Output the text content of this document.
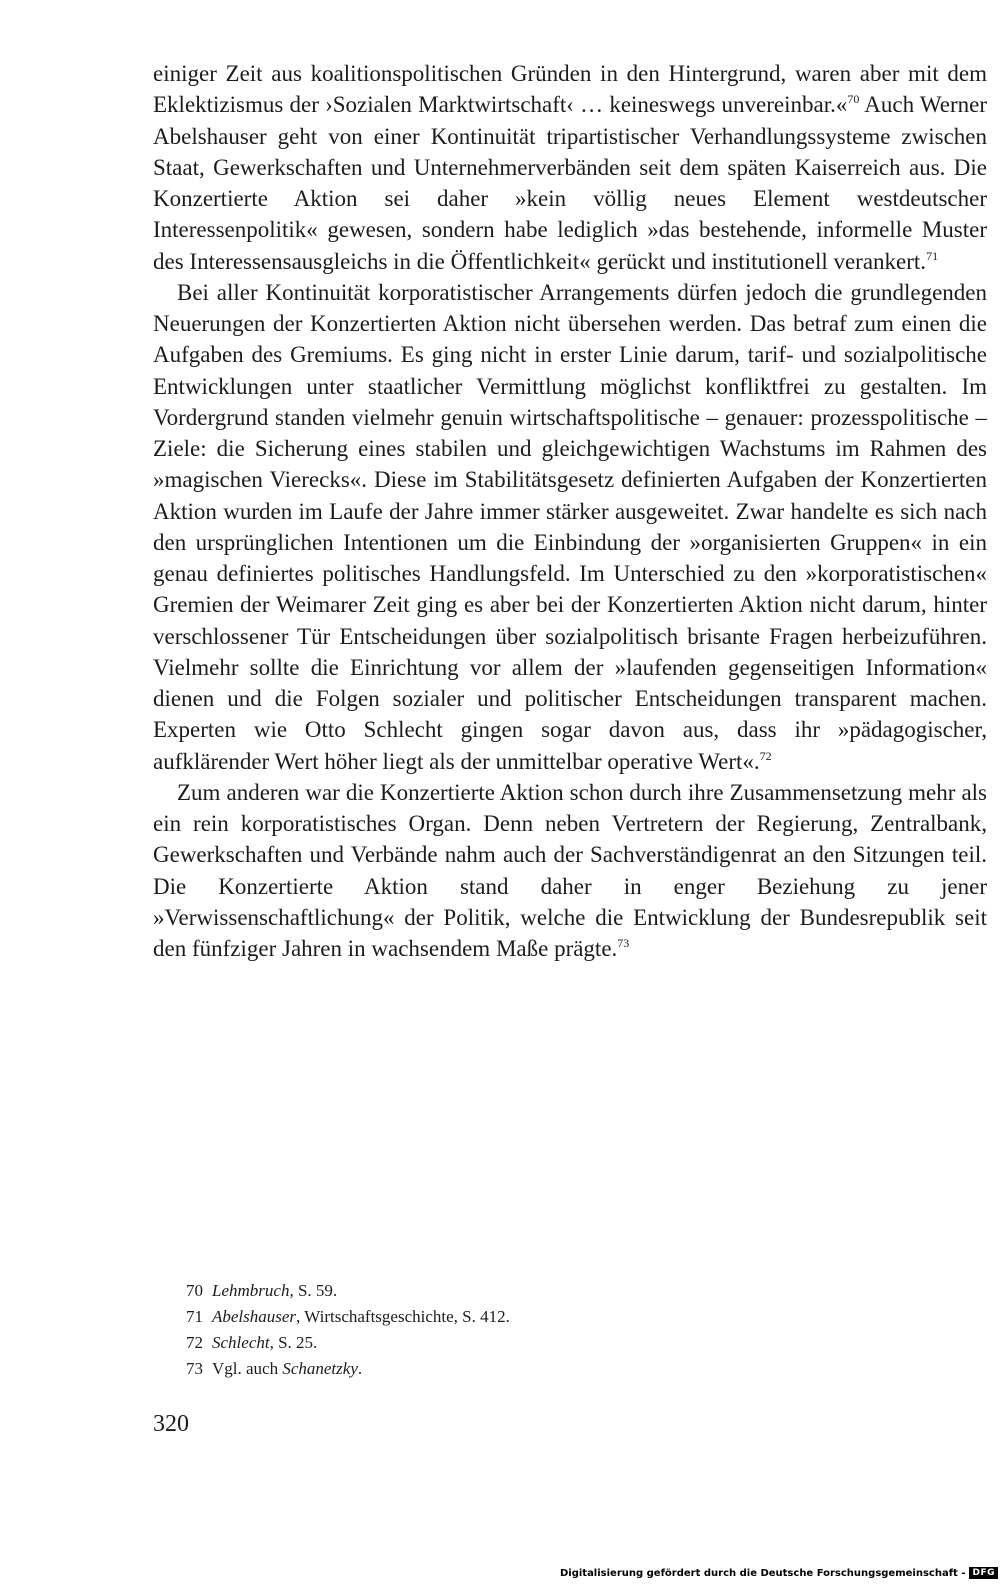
einiger Zeit aus koalitionspolitischen Gründen in den Hintergrund, waren aber mit dem Eklektizismus der ›Sozialen Marktwirtschaft‹ … keineswegs unvereinbar.«$^{70}$ Auch Werner Abelshauser geht von einer Kontinuität tripartistischer Verhandlungssysteme zwischen Staat, Gewerkschaften und Unternehmerverbänden seit dem späten Kaiserreich aus. Die Konzertierte Aktion sei daher »kein völlig neues Element westdeutscher Interessenpolitik« gewesen, sondern habe lediglich »das bestehende, informelle Muster des Interessensausgleichs in die Öffentlichkeit« gerückt und institutionell verankert.$^{71}$

Bei aller Kontinuität korporatistischer Arrangements dürfen jedoch die grundlegenden Neuerungen der Konzertierten Aktion nicht übersehen werden. Das betraf zum einen die Aufgaben des Gremiums. Es ging nicht in erster Linie darum, tarif- und sozialpolitische Entwicklungen unter staatlicher Vermittlung möglichst konfliktfrei zu gestalten. Im Vordergrund standen vielmehr genuin wirtschaftspolitische – genauer: prozesspolitische – Ziele: die Sicherung eines stabilen und gleichgewichtigen Wachstums im Rahmen des »magischen Vierecks«. Diese im Stabilitätsgesetz definierten Aufgaben der Konzertierten Aktion wurden im Laufe der Jahre immer stärker ausgeweitet. Zwar handelte es sich nach den ursprünglichen Intentionen um die Einbindung der »organisierten Gruppen« in ein genau definiertes politisches Handlungsfeld. Im Unterschied zu den »korporatistischen« Gremien der Weimarer Zeit ging es aber bei der Konzertierten Aktion nicht darum, hinter verschlossener Tür Entscheidungen über sozialpolitisch brisante Fragen herbeizuführen. Vielmehr sollte die Einrichtung vor allem der »laufenden gegenseitigen Information« dienen und die Folgen sozialer und politischer Entscheidungen transparent machen. Experten wie Otto Schlecht gingen sogar davon aus, dass ihr »pädagogischer, aufklärender Wert höher liegt als der unmittelbar operative Wert«.$^{72}$

Zum anderen war die Konzertierte Aktion schon durch ihre Zusammensetzung mehr als ein rein korporatistisches Organ. Denn neben Vertretern der Regierung, Zentralbank, Gewerkschaften und Verbände nahm auch der Sachverständigenrat an den Sitzungen teil. Die Konzertierte Aktion stand daher in enger Beziehung zu jener »Verwissenschaftlichung« der Politik, welche die Entwicklung der Bundesrepublik seit den fünfziger Jahren in wachsendem Maße prägte.$^{73}$

70 Lehmbruch, S. 59.
71 Abelshauser, Wirtschaftsgeschichte, S. 412.
72 Schlecht, S. 25.
73 Vgl. auch Schanetzky.
320
Digitalisierung gefördert durch die Deutsche Forschungsgemeinschaft - DFG
